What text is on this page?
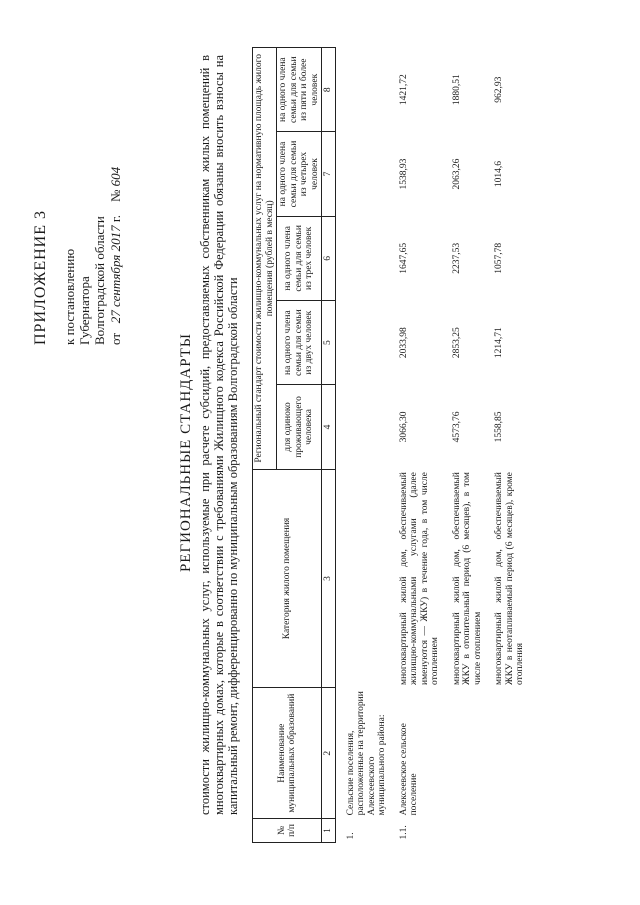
ПРИЛОЖЕНИЕ 3 к постановлению Губернатора Волгоградской области от   27 сентября 2017 г.    № 604
РЕГИОНАЛЬНЫЕ СТАНДАРТЫ стоимости жилищно-коммунальных услуг, используемые при расчете субсидий, предоставляемых собственникам жилых помещений в многоквартирных домах, которые в соответствии с требованиями Жилищного кодекса Российской Федерации обязаны вносить взносы на капитальный ремонт, дифференцированно по муниципальным образованиям Волгоградской области
№ п/п	Наименование муниципальных образований	Категория жилого помещения	Региональный стандарт стоимости жилищно-коммунальных услуг на нормативную площадь жилого помещения (рублей в месяц)				
			для одиноко проживающего человека	на одного члена семьи для семьи из двух человек	на одного члена семьи для семьи из трех человек	на одного члена семьи для семьи из четырех человек	на одного члена семьи для семьи из пяти и более человек
1	2	3	4	5	6	7	8
1.	Сельские поселения, расположенные на территории Алексеевского муниципального района:						
1.1.	Алексеевское сельское поселение	многоквартирный жилой дом, обеспечиваемый жилищно-коммунальными услугами (далее именуются — ЖКУ) в течение года, в том числе отоплением	3066,30	2033,98	1647,65	1538,93	1421,72
		многоквартирный жилой дом, обеспечиваемый ЖКУ в отопительный период (6 месяцев), в том числе отоплением	4573,76	2853,25	2237,53	2063,26	1880,51
		многоквартирный жилой дом, обеспечиваемый ЖКУ в неотапливаемый период (6 месяцев), кроме отопления	1558,85	1214,71	1057,78	1014,6	962,93
